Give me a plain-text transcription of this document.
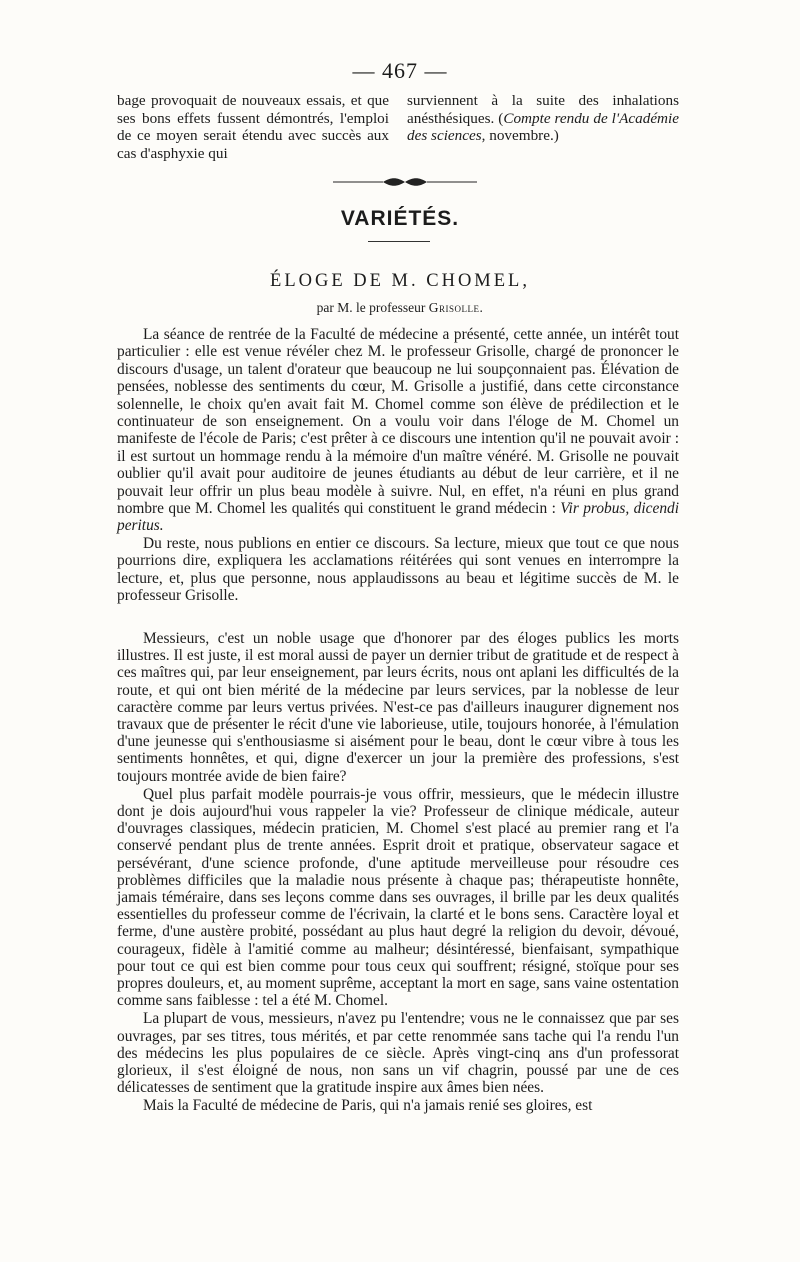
— 467 —

bage provoquait de nouveaux essais, et que ses bons effets fussent démontrés, l'emploi de ce moyen serait étendu avec succès aux cas d'asphyxie qui

surviennent à la suite des inhalations anésthésiques. (Compte rendu de l'Académie des sciences, novembre.)

VARIÉTÉS.
ÉLOGE DE M. CHOMEL,
par M. le professeur Grisolle.

La séance de rentrée de la Faculté de médecine a présenté, cette année, un intérêt tout particulier : elle est venue révéler chez M. le professeur Grisolle, chargé de prononcer le discours d'usage, un talent d'orateur que beaucoup ne lui soupçonnaient pas. Élévation de pensées, noblesse des sentiments du cœur, M. Grisolle a justifié, dans cette circonstance solennelle, le choix qu'en avait fait M. Chomel comme son élève de prédilection et le continuateur de son enseignement. On a voulu voir dans l'éloge de M. Chomel un manifeste de l'école de Paris; c'est prêter à ce discours une intention qu'il ne pouvait avoir : il est surtout un hommage rendu à la mémoire d'un maître vénéré. M. Grisolle ne pouvait oublier qu'il avait pour auditoire de jeunes étudiants au début de leur carrière, et il ne pouvait leur offrir un plus beau modèle à suivre. Nul, en effet, n'a réuni en plus grand nombre que M. Chomel les qualités qui constituent le grand médecin : Vir probus, dicendi peritus.

Du reste, nous publions en entier ce discours. Sa lecture, mieux que tout ce que nous pourrions dire, expliquera les acclamations réitérées qui sont venues en interrompre la lecture, et, plus que personne, nous applaudissons au beau et légitime succès de M. le professeur Grisolle.

Messieurs, c'est un noble usage que d'honorer par des éloges publics les morts illustres. Il est juste, il est moral aussi de payer un dernier tribut de gratitude et de respect à ces maîtres qui, par leur enseignement, par leurs écrits, nous ont aplani les difficultés de la route, et qui ont bien mérité de la médecine par leurs services, par la noblesse de leur caractère comme par leurs vertus privées. N'est-ce pas d'ailleurs inaugurer dignement nos travaux que de présenter le récit d'une vie laborieuse, utile, toujours honorée, à l'émulation d'une jeunesse qui s'enthousiasme si aisément pour le beau, dont le cœur vibre à tous les sentiments honnêtes, et qui, digne d'exercer un jour la première des professions, s'est toujours montrée avide de bien faire?

Quel plus parfait modèle pourrais-je vous offrir, messieurs, que le médecin illustre dont je dois aujourd'hui vous rappeler la vie? Professeur de clinique médicale, auteur d'ouvrages classiques, médecin praticien, M. Chomel s'est placé au premier rang et l'a conservé pendant plus de trente années. Esprit droit et pratique, observateur sagace et persévérant, d'une science profonde, d'une aptitude merveilleuse pour résoudre ces problèmes difficiles que la maladie nous présente à chaque pas; thérapeutiste honnête, jamais téméraire, dans ses leçons comme dans ses ouvrages, il brille par les deux qualités essentielles du professeur comme de l'écrivain, la clarté et le bons sens. Caractère loyal et ferme, d'une austère probité, possédant au plus haut degré la religion du devoir, dévoué, courageux, fidèle à l'amitié comme au malheur; désintéressé, bienfaisant, sympathique pour tout ce qui est bien comme pour tous ceux qui souffrent; résigné, stoïque pour ses propres douleurs, et, au moment suprême, acceptant la mort en sage, sans vaine ostentation comme sans faiblesse : tel a été M. Chomel.

La plupart de vous, messieurs, n'avez pu l'entendre; vous ne le connaissez que par ses ouvrages, par ses titres, tous mérités, et par cette renommée sans tache qui l'a rendu l'un des médecins les plus populaires de ce siècle. Après vingt-cinq ans d'un professorat glorieux, il s'est éloigné de nous, non sans un vif chagrin, poussé par une de ces délicatesses de sentiment que la gratitude inspire aux âmes bien nées.

Mais la Faculté de médecine de Paris, qui n'a jamais renié ses gloires, est
